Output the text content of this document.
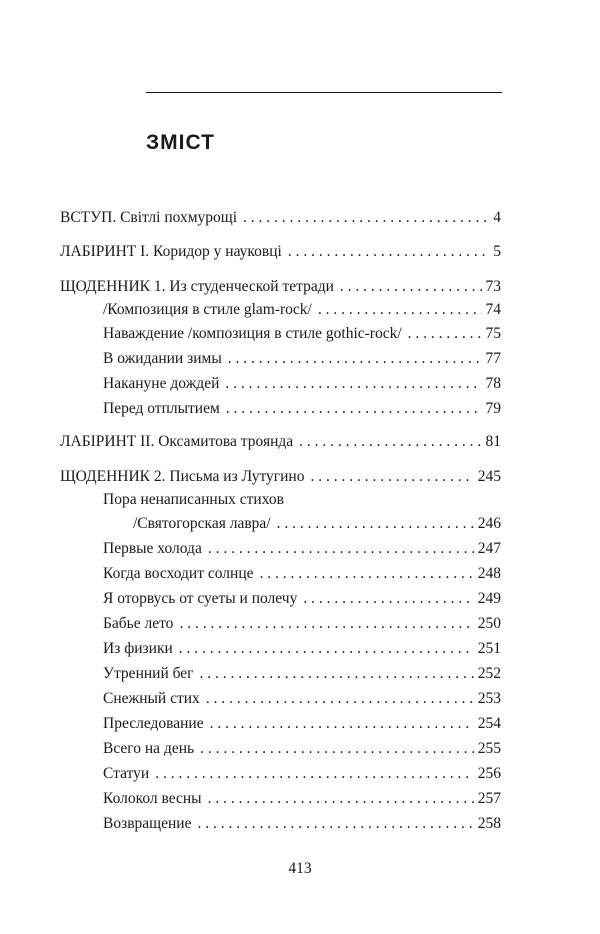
ЗМІСТ
ВСТУП. Світлі похмурощі . . .	4
ЛАБІРИНТ І. Коридор у науковці . . .	5
ЩОДЕННИК 1. Из студенческой тетради . . .	73
/Композиция в стиле glam-rock/ . . .	74
Наваждение /композиция в стиле gothic-rock/ . . .	75
В ожидании зимы . . .	77
Накануне дождей . . .	78
Перед отплытием . . .	79
ЛАБІРИНТ ІІ. Оксамитова троянда . . .	81
ЩОДЕННИК 2. Письма из Лутугино . . .	245
Пора ненаписанных стихов
/Святогорская лавра/ . . .	246
Первые холода . . .	247
Когда восходит солнце . . .	248
Я оторвусь от суеты и полечу . . .	249
Бабье лето . . .	250
Из физики . . .	251
Утренний бег . . .	252
Снежный стих . . .	253
Преследование . . .	254
Всего на день . . .	255
Статуи . . .	256
Колокол весны . . .	257
Возвращение . . .	258
413
